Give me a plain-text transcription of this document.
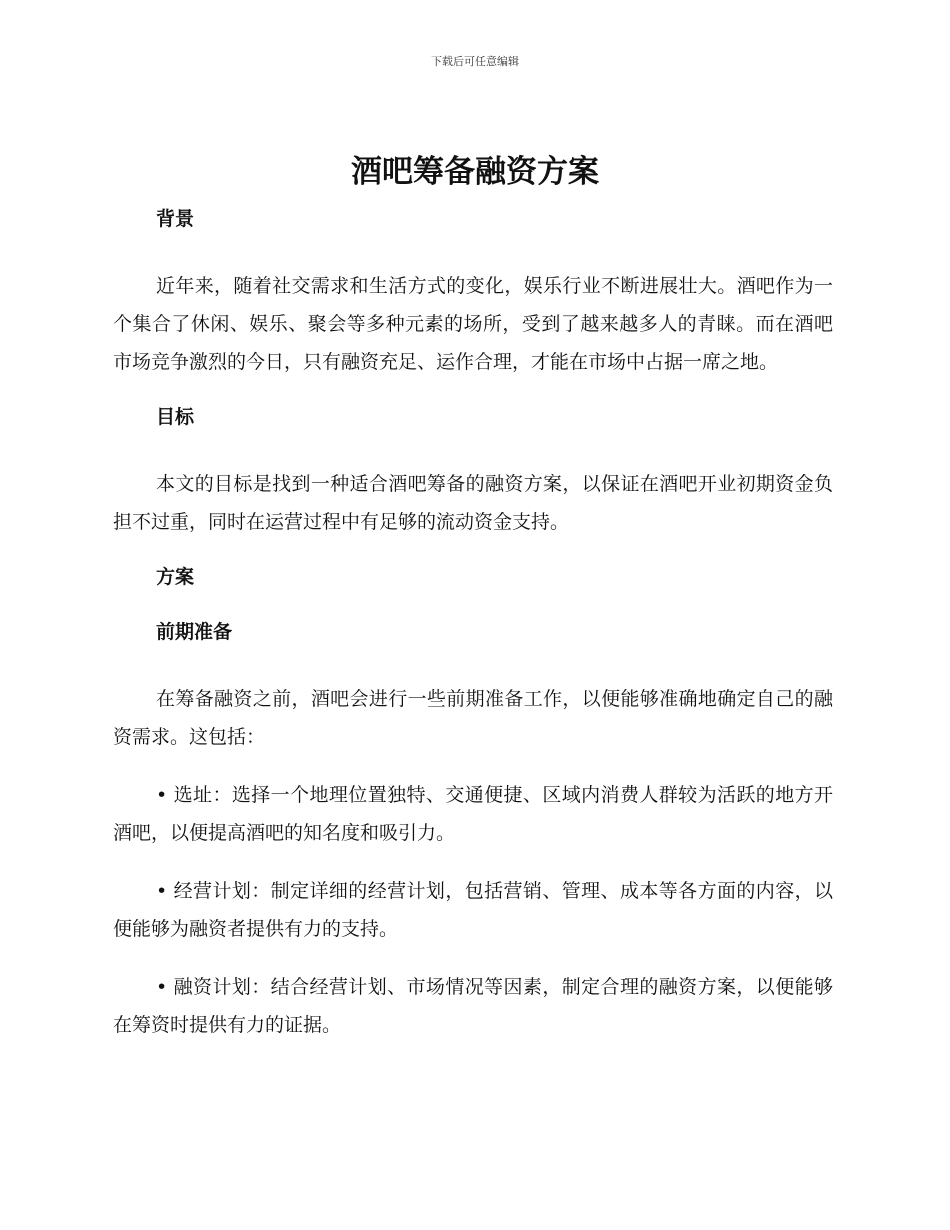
下载后可任意编辑
酒吧筹备融资方案
背景

近年来，随着社交需求和生活方式的变化，娱乐行业不断进展壮大。酒吧作为一个集合了休闲、娱乐、聚会等多种元素的场所，受到了越来越多人的青睐。而在酒吧市场竞争激烈的今日，只有融资充足、运作合理，才能在市场中占据一席之地。

目标

本文的目标是找到一种适合酒吧筹备的融资方案，以保证在酒吧开业初期资金负担不过重，同时在运营过程中有足够的流动资金支持。

方案
前期准备

在筹备融资之前，酒吧会进行一些前期准备工作，以便能够准确地确定自己的融资需求。这包括：

• 选址：选择一个地理位置独特、交通便捷、区域内消费人群较为活跃的地方开酒吧，以便提高酒吧的知名度和吸引力。

• 经营计划：制定详细的经营计划，包括营销、管理、成本等各方面的内容，以便能够为融资者提供有力的支持。

• 融资计划：结合经营计划、市场情况等因素，制定合理的融资方案，以便能够在筹资时提供有力的证据。
